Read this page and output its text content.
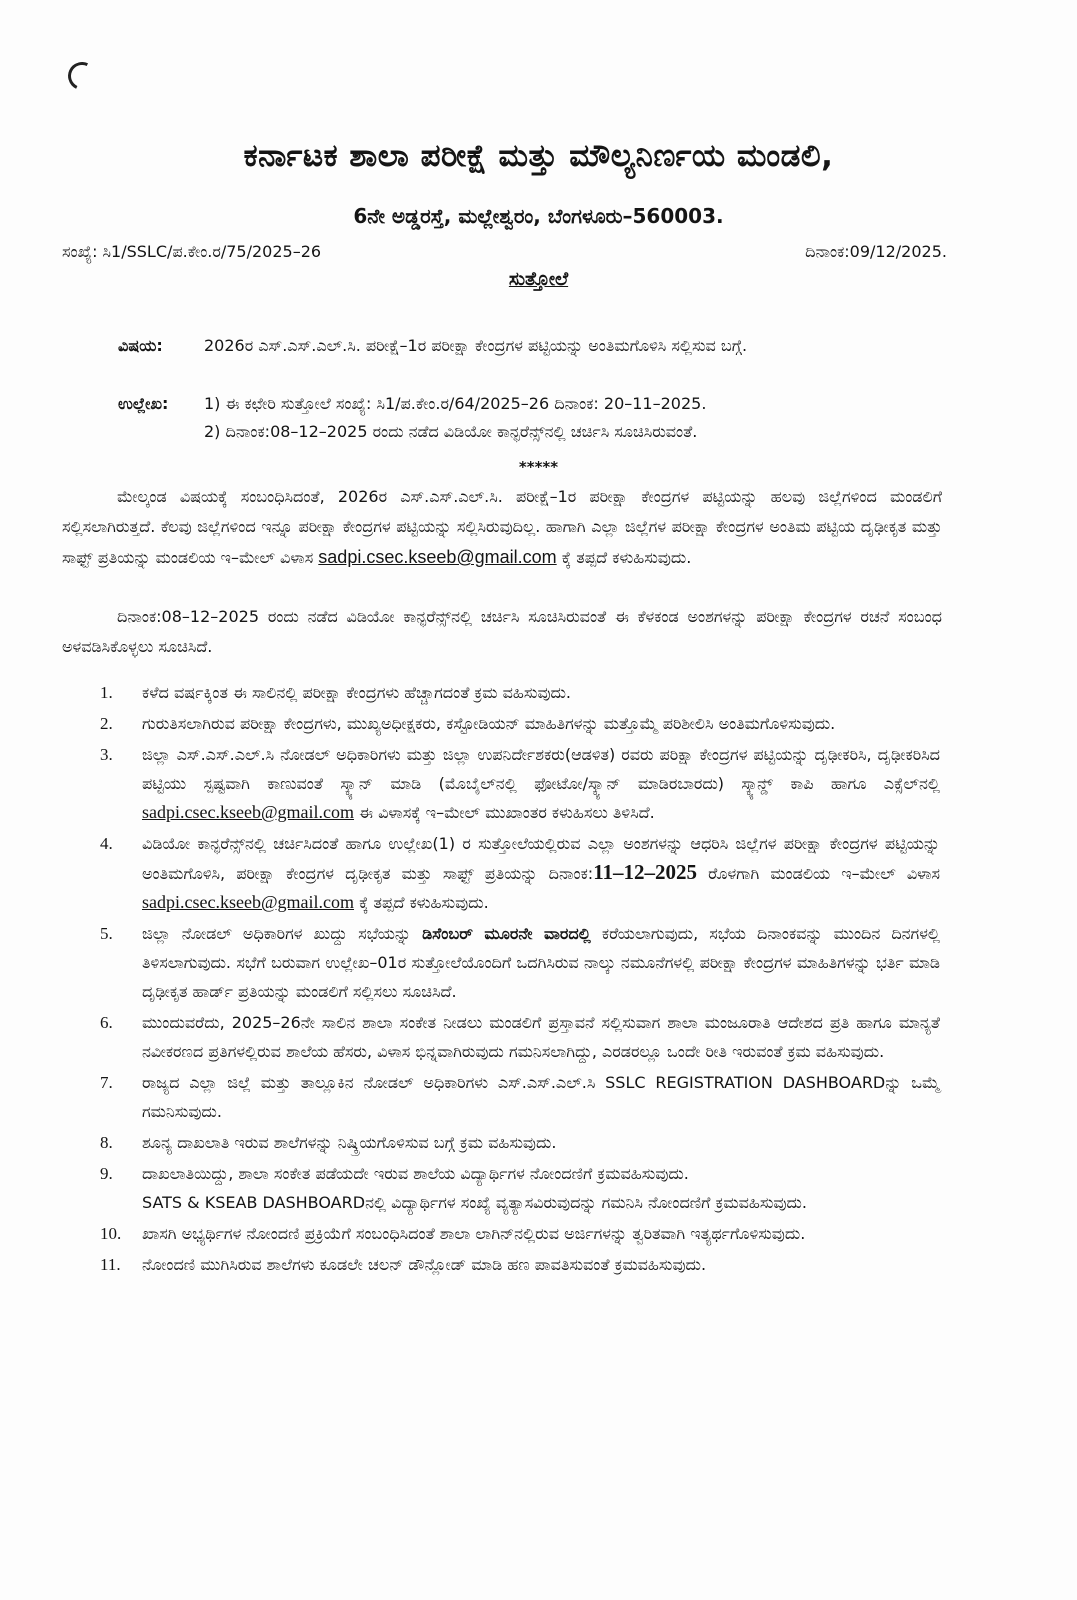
ಕರ್ನಾಟಕ ಶಾಲಾ ಪರೀಕ್ಷೆ ಮತ್ತು ಮೌಲ್ಯನಿರ್ಣಯ ಮಂಡಲಿ,
6ನೇ ಅಡ್ಡರಸ್ತೆ, ಮಲ್ಲೇಶ್ವರಂ, ಬೆಂಗಳೂರು–560003.
ಸಂಖ್ಯೆ: ಸಿ1/SSLC/ಪ.ಕೇಂ.ರ/75/2025–26	ದಿನಾಂಕ:09/12/2025.
ಸುತ್ತೋಲೆ
ವಿಷಯ:	2026ರ ಎಸ್.ಎಸ್.ಎಲ್.ಸಿ. ಪರೀಕ್ಷೆ–1ರ ಪರೀಕ್ಷಾ ಕೇಂದ್ರಗಳ ಪಟ್ಟಿಯನ್ನು ಅಂತಿಮಗೊಳಿಸಿ ಸಲ್ಲಿಸುವ ಬಗ್ಗೆ.
ಉಲ್ಲೇಖ:	1) ಈ ಕಛೇರಿ ಸುತ್ತೋಲೆ ಸಂಖ್ಯೆ: ಸಿ1/ಪ.ಕೇಂ.ರ/64/2025–26 ದಿನಾಂಕ: 20–11–2025.
2) ದಿನಾಂಕ:08–12–2025 ರಂದು ನಡೆದ ವಿಡಿಯೋ ಕಾನ್ಫರೆನ್ಸ್‌ನಲ್ಲಿ ಚರ್ಚಿಸಿ ಸೂಚಿಸಿರುವಂತೆ.
*****
ಮೇಲ್ಕಂಡ ವಿಷಯಕ್ಕೆ ಸಂಬಂಧಿಸಿದಂತೆ, 2026ರ ಎಸ್.ಎಸ್.ಎಲ್.ಸಿ. ಪರೀಕ್ಷೆ–1ರ ಪರೀಕ್ಷಾ ಕೇಂದ್ರಗಳ ಪಟ್ಟಿಯನ್ನು ಹಲವು ಜಿಲ್ಲೆಗಳಿಂದ ಮಂಡಲಿಗೆ ಸಲ್ಲಿಸಲಾಗಿರುತ್ತದೆ. ಕೆಲವು ಜಿಲ್ಲೆಗಳಿಂದ ಇನ್ನೂ ಪರೀಕ್ಷಾ ಕೇಂದ್ರಗಳ ಪಟ್ಟಿಯನ್ನು ಸಲ್ಲಿಸಿರುವುದಿಲ್ಲ. ಹಾಗಾಗಿ ಎಲ್ಲಾ ಜಿಲ್ಲೆಗಳ ಪರೀಕ್ಷಾ ಕೇಂದ್ರಗಳ ಅಂತಿಮ ಪಟ್ಟಿಯ ದೃಢೀಕೃತ ಮತ್ತು ಸಾಫ್ಟ್ ಪ್ರತಿಯನ್ನು ಮಂಡಲಿಯ ಇ–ಮೇಲ್ ವಿಳಾಸ sadpi.csec.kseeb@gmail.com ಕ್ಕೆ ತಪ್ಪದೆ ಕಳುಹಿಸುವುದು.
ದಿನಾಂಕ:08–12–2025 ರಂದು ನಡೆದ ವಿಡಿಯೋ ಕಾನ್ಫರೆನ್ಸ್‌ನಲ್ಲಿ ಚರ್ಚಿಸಿ ಸೂಚಿಸಿರುವಂತೆ ಈ ಕೆಳಕಂಡ ಅಂಶಗಳನ್ನು ಪರೀಕ್ಷಾ ಕೇಂದ್ರಗಳ ರಚನೆ ಸಂಬಂಧ ಅಳವಡಿಸಿಕೊಳ್ಳಲು ಸೂಚಿಸಿದೆ.
1.	ಕಳೆದ ವರ್ಷಕ್ಕಿಂತ ಈ ಸಾಲಿನಲ್ಲಿ ಪರೀಕ್ಷಾ ಕೇಂದ್ರಗಳು ಹೆಚ್ಚಾಗದಂತೆ ಕ್ರಮ ವಹಿಸುವುದು.
2.	ಗುರುತಿಸಲಾಗಿರುವ ಪರೀಕ್ಷಾ ಕೇಂದ್ರಗಳು, ಮುಖ್ಯಅಧೀಕ್ಷಕರು, ಕಸ್ಟೋಡಿಯನ್ ಮಾಹಿತಿಗಳನ್ನು ಮತ್ತೊಮ್ಮೆ ಪರಿಶೀಲಿಸಿ ಅಂತಿಮಗೊಳಿಸುವುದು.
3.	ಜಿಲ್ಲಾ ಎಸ್.ಎಸ್.ಎಲ್.ಸಿ ನೋಡಲ್ ಅಧಿಕಾರಿಗಳು ಮತ್ತು ಜಿಲ್ಲಾ ಉಪನಿರ್ದೇಶಕರು(ಆಡಳಿತ) ರವರು ಪರಿಕ್ಷಾ ಕೇಂದ್ರಗಳ ಪಟ್ಟಿಯನ್ನು ದೃಢೀಕರಿಸಿ, ದೃಢೀಕರಿಸಿದ ಪಟ್ಟಿಯು ಸ್ಪಷ್ಟವಾಗಿ ಕಾಣುವಂತೆ ಸ್ಕ್ಯಾನ್ ಮಾಡಿ (ಮೊಬೈಲ್‌ನಲ್ಲಿ ಫೋಟೋ/ಸ್ಕ್ಯಾನ್ ಮಾಡಿರಬಾರದು) ಸ್ಕ್ಯಾನ್ಡ್ ಕಾಪಿ ಹಾಗೂ ಎಕ್ಸೆಲ್‌ನಲ್ಲಿ sadpi.csec.kseeb@gmail.com ಈ ವಿಳಾಸಕ್ಕೆ ಇ–ಮೇಲ್ ಮುಖಾಂತರ ಕಳುಹಿಸಲು ತಿಳಿಸಿದೆ.
4.	ವಿಡಿಯೋ ಕಾನ್ಫರೆನ್ಸ್‌ನಲ್ಲಿ ಚರ್ಚಿಸಿದಂತೆ ಹಾಗೂ ಉಲ್ಲೇಖ(1) ರ ಸುತ್ತೋಲೆಯಲ್ಲಿರುವ ಎಲ್ಲಾ ಅಂಶಗಳನ್ನು ಆಧರಿಸಿ ಜಿಲ್ಲೆಗಳ ಪರೀಕ್ಷಾ ಕೇಂದ್ರಗಳ ಪಟ್ಟಿಯನ್ನು ಅಂತಿಮಗೊಳಿಸಿ, ಪರೀಕ್ಷಾ ಕೇಂದ್ರಗಳ ದೃಢೀಕೃತ ಮತ್ತು ಸಾಫ್ಟ್ ಪ್ರತಿಯನ್ನು ದಿನಾಂಕ:11–12–2025 ರೊಳಗಾಗಿ ಮಂಡಲಿಯ ಇ–ಮೇಲ್ ವಿಳಾಸ sadpi.csec.kseeb@gmail.com ಕ್ಕೆ ತಪ್ಪದೆ ಕಳುಹಿಸುವುದು.
5.	ಜಿಲ್ಲಾ ನೋಡಲ್ ಅಧಿಕಾರಿಗಳ ಖುದ್ದು ಸಭೆಯನ್ನು ಡಿಸೆಂಬರ್ ಮೂರನೇ ವಾರದಲ್ಲಿ ಕರೆಯಲಾಗುವುದು, ಸಭೆಯ ದಿನಾಂಕವನ್ನು ಮುಂದಿನ ದಿನಗಳಲ್ಲಿ ತಿಳಿಸಲಾಗುವುದು. ಸಭೆಗೆ ಬರುವಾಗ ಉಲ್ಲೇಖ–01ರ ಸುತ್ತೋಲೆಯೊಂದಿಗೆ ಒದಗಿಸಿರುವ ನಾಲ್ಕು ನಮೂನೆಗಳಲ್ಲಿ ಪರೀಕ್ಷಾ ಕೇಂದ್ರಗಳ ಮಾಹಿತಿಗಳನ್ನು ಭರ್ತಿ ಮಾಡಿ ದೃಢೀಕೃತ ಹಾರ್ಡ್ ಪ್ರತಿಯನ್ನು ಮಂಡಲಿಗೆ ಸಲ್ಲಿಸಲು ಸೂಚಿಸಿದೆ.
6.	ಮುಂದುವರೆದು, 2025–26ನೇ ಸಾಲಿನ ಶಾಲಾ ಸಂಕೇತ ನೀಡಲು ಮಂಡಲಿಗೆ ಪ್ರಸ್ತಾವನೆ ಸಲ್ಲಿಸುವಾಗ ಶಾಲಾ ಮಂಜೂರಾತಿ ಆದೇಶದ ಪ್ರತಿ ಹಾಗೂ ಮಾನ್ಯತೆ ನವೀಕರಣದ ಪ್ರತಿಗಳಲ್ಲಿರುವ ಶಾಲೆಯ ಹೆಸರು, ವಿಳಾಸ ಭಿನ್ನವಾಗಿರುವುದು ಗಮನಿಸಲಾಗಿದ್ದು, ಎರಡರಲ್ಲೂ ಒಂದೇ ರೀತಿ ಇರುವಂತೆ ಕ್ರಮ ವಹಿಸುವುದು.
7.	ರಾಜ್ಯದ ಎಲ್ಲಾ ಜಿಲ್ಲೆ ಮತ್ತು ತಾಲ್ಲೂಕಿನ ನೋಡಲ್ ಅಧಿಕಾರಿಗಳು ಎಸ್.ಎಸ್.ಎಲ್.ಸಿ SSLC REGISTRATION DASHBOARDನ್ನು ಒಮ್ಮೆ ಗಮನಿಸುವುದು.
8.	ಶೂನ್ಯ ದಾಖಲಾತಿ ಇರುವ ಶಾಲೆಗಳನ್ನು ನಿಷ್ಕ್ರಿಯಗೊಳಿಸುವ ಬಗ್ಗೆ ಕ್ರಮ ವಹಿಸುವುದು.
9.	ದಾಖಲಾತಿಯಿದ್ದು, ಶಾಲಾ ಸಂಕೇತ ಪಡೆಯದೇ ಇರುವ ಶಾಲೆಯ ವಿದ್ಯಾರ್ಥಿಗಳ ನೋಂದಣಿಗೆ ಕ್ರಮವಹಿಸುವುದು.
SATS & KSEAB DASHBOARDನಲ್ಲಿ ವಿದ್ಯಾರ್ಥಿಗಳ ಸಂಖ್ಯೆ ವ್ಯತ್ಯಾಸವಿರುವುದನ್ನು ಗಮನಿಸಿ ನೋಂದಣಿಗೆ ಕ್ರಮವಹಿಸುವುದು.
10.	ಖಾಸಗಿ ಅಭ್ಯರ್ಥಿಗಳ ನೋಂದಣಿ ಪ್ರಕ್ರಿಯೆಗೆ ಸಂಬಂಧಿಸಿದಂತೆ ಶಾಲಾ ಲಾಗಿನ್‌ನಲ್ಲಿರುವ ಅರ್ಜಿಗಳನ್ನು ತ್ವರಿತವಾಗಿ ಇತ್ಯರ್ಥಗೊಳಿಸುವುದು.
11.	ನೋಂದಣಿ ಮುಗಿಸಿರುವ ಶಾಲೆಗಳು ಕೂಡಲೇ ಚಲನ್ ಡೌನ್ಲೋಡ್ ಮಾಡಿ ಹಣ ಪಾವತಿಸುವಂತೆ ಕ್ರಮವಹಿಸುವುದು.
